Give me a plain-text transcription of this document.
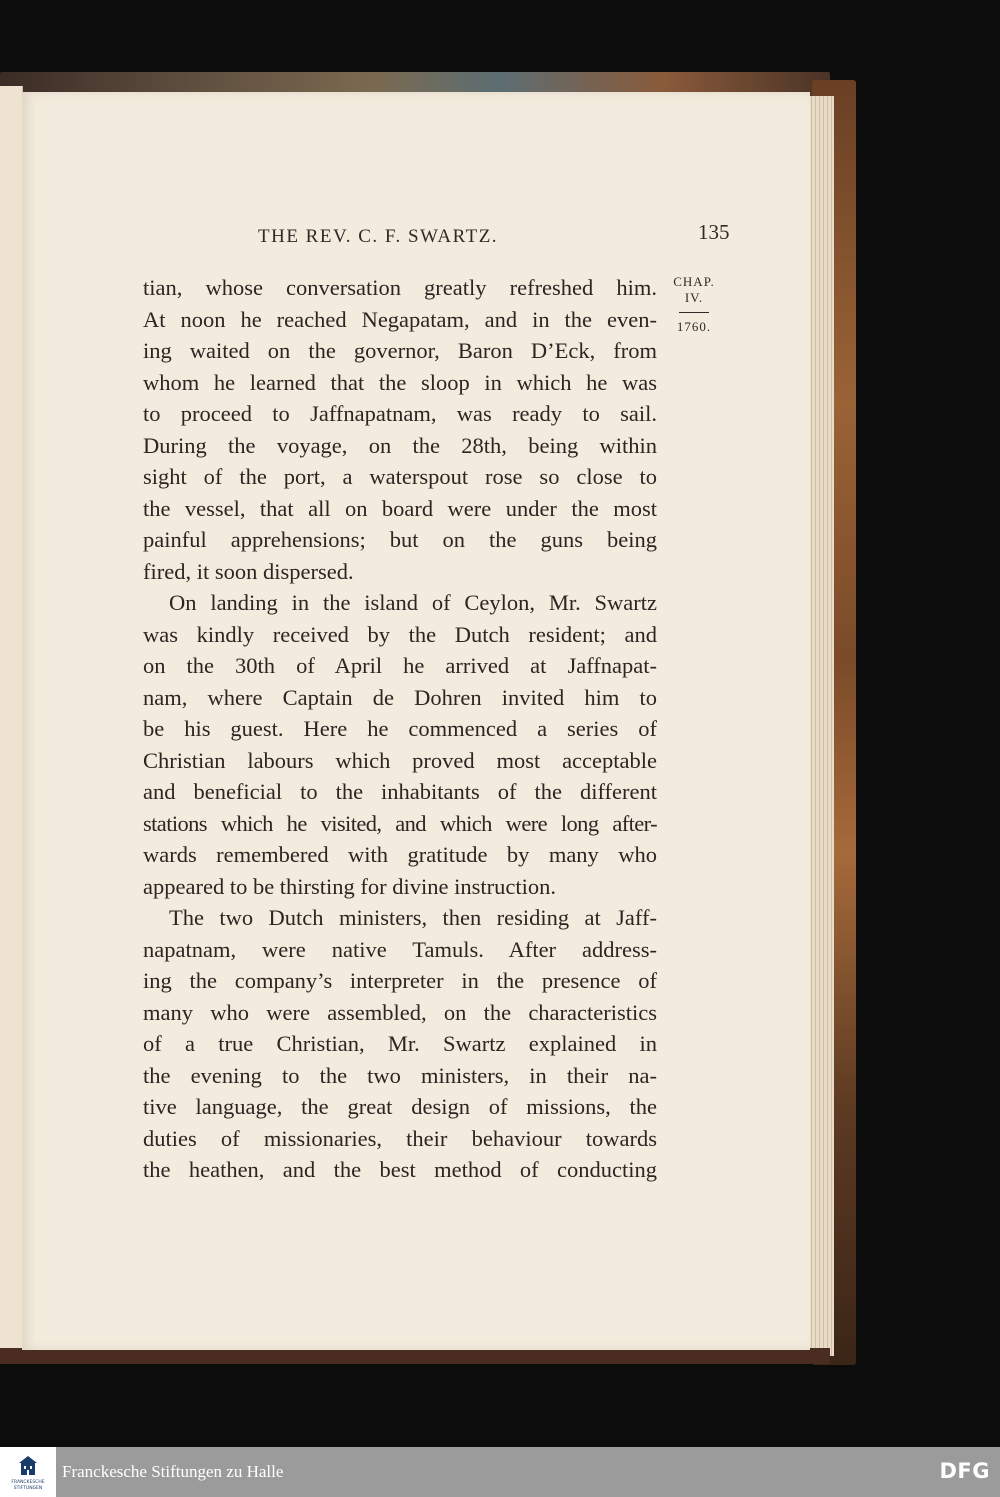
THE REV. C. F. SWARTZ.	135
CHAP.
IV.
1760.
tian, whose conversation greatly refreshed him.
At noon he reached Negapatam, and in the even-
ing waited on the governor, Baron D’Eck, from
whom he learned that the sloop in which he was
to proceed to Jaffnapatnam, was ready to sail.
During the voyage, on the 28th, being within
sight of the port, a waterspout rose so close to
the vessel, that all on board were under the most
painful apprehensions; but on the guns being
fired, it soon dispersed.
On landing in the island of Ceylon, Mr. Swartz
was kindly received by the Dutch resident; and
on the 30th of April he arrived at Jaffnapat-
nam, where Captain de Dohren invited him to
be his guest. Here he commenced a series of
Christian labours which proved most acceptable
and beneficial to the inhabitants of the different
stations which he visited, and which were long after-
wards remembered with gratitude by many who
appeared to be thirsting for divine instruction.
The two Dutch ministers, then residing at Jaff-
napatnam, were native Tamuls. After address-
ing the company’s interpreter in the presence of
many who were assembled, on the characteristics
of a true Christian, Mr. Swartz explained in
the evening to the two ministers, in their na-
tive language, the great design of missions, the
duties of missionaries, their behaviour towards
the heathen, and the best method of conducting
FRANCKESCHE
STIFTUNGEN
Franckesche Stiftungen zu Halle	DFG
